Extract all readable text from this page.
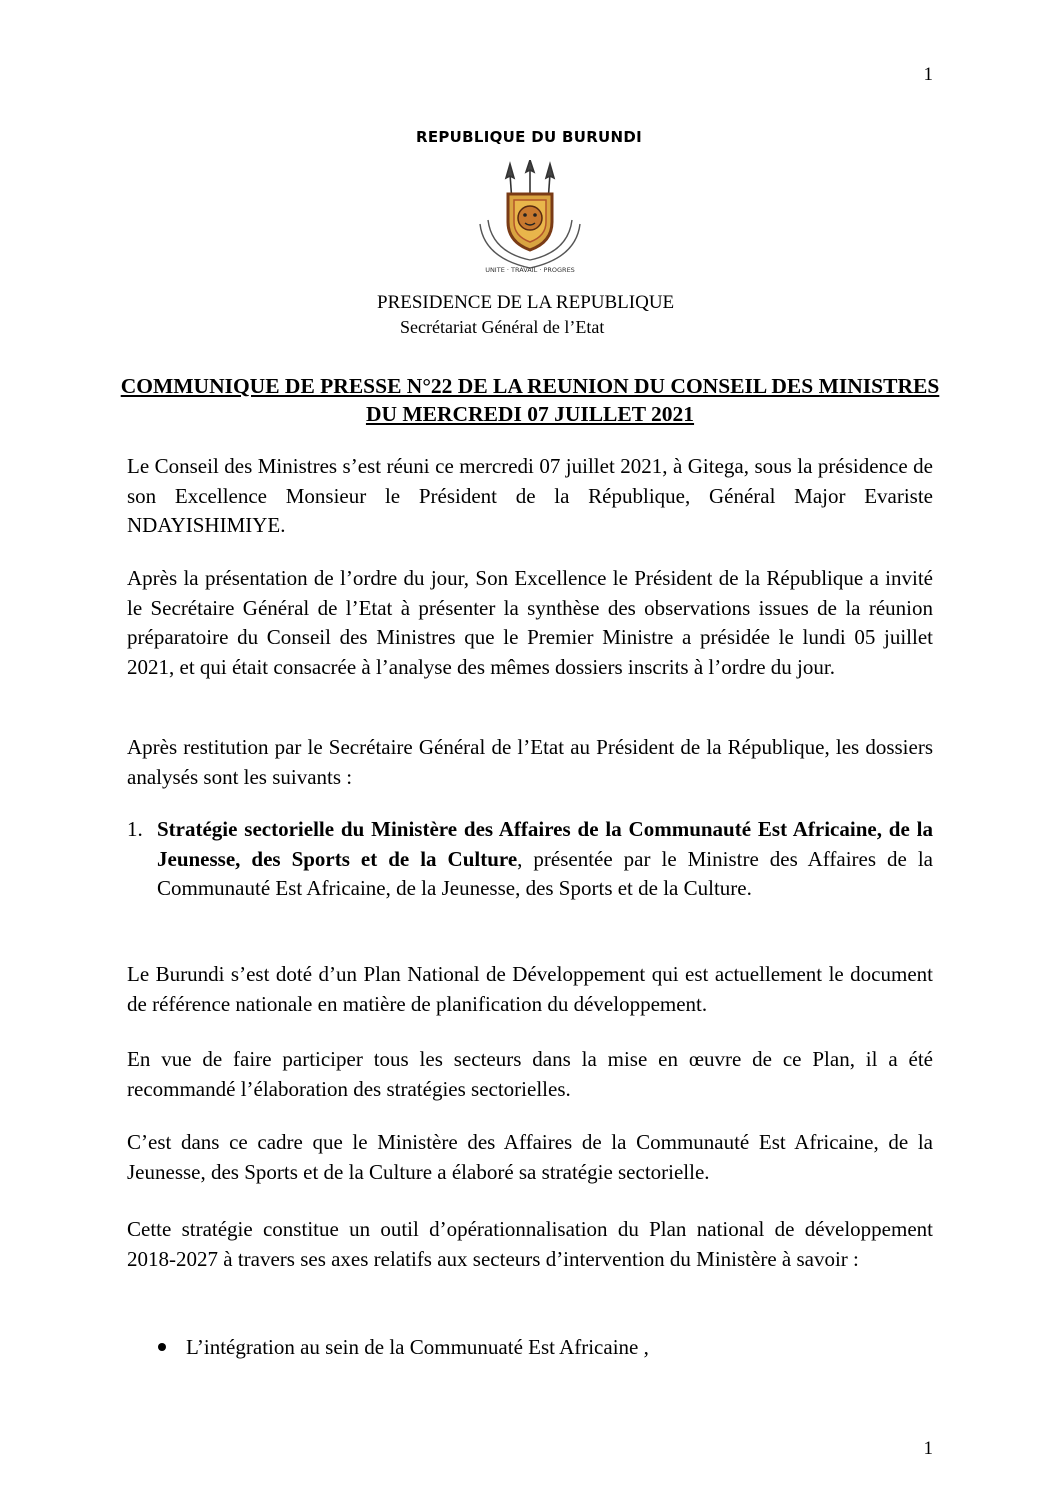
1
REPUBLIQUE DU BURUNDI
UNITE · TRAVAIL · PROGRES
PRESIDENCE DE LA REPUBLIQUE
Secrétariat Général de l’Etat
COMMUNIQUE DE PRESSE N°22 DE LA REUNION DU CONSEIL DES MINISTRES DU MERCREDI 07 JUILLET 2021

Le Conseil des Ministres s’est réuni ce mercredi 07 juillet 2021, à Gitega, sous la présidence de son Excellence Monsieur le Président de la République, Général Major Evariste NDAYISHIMIYE.

Après la présentation de l’ordre du jour, Son Excellence le Président de la République a invité le Secrétaire Général de l’Etat à présenter la synthèse des observations issues de la réunion préparatoire du Conseil des Ministres que le Premier Ministre a présidée le lundi 05 juillet 2021, et qui était consacrée à l’analyse des mêmes dossiers inscrits à l’ordre du jour.

Après restitution par le Secrétaire Général de l’Etat au Président de la République, les dossiers analysés sont les suivants :

1. Stratégie sectorielle du Ministère des Affaires de la Communauté Est Africaine, de la Jeunesse, des Sports et de la Culture, présentée par le Ministre des Affaires de la Communauté Est Africaine, de la Jeunesse, des Sports et de la Culture.

Le Burundi s’est doté d’un Plan National de Développement qui est actuellement le document de référence nationale en matière de planification du développement.

En vue de faire participer tous les secteurs dans la mise en œuvre de ce Plan, il a été recommandé l’élaboration des stratégies sectorielles.

C’est dans ce cadre que le Ministère des Affaires de la Communauté Est Africaine, de la Jeunesse, des Sports et de la Culture a élaboré sa stratégie sectorielle.

Cette stratégie constitue un outil d’opérationnalisation du Plan national de développement 2018-2027 à travers ses axes relatifs aux secteurs d’intervention du Ministère à savoir :

L’intégration au sein de la Communuaté Est Africaine ,
1
